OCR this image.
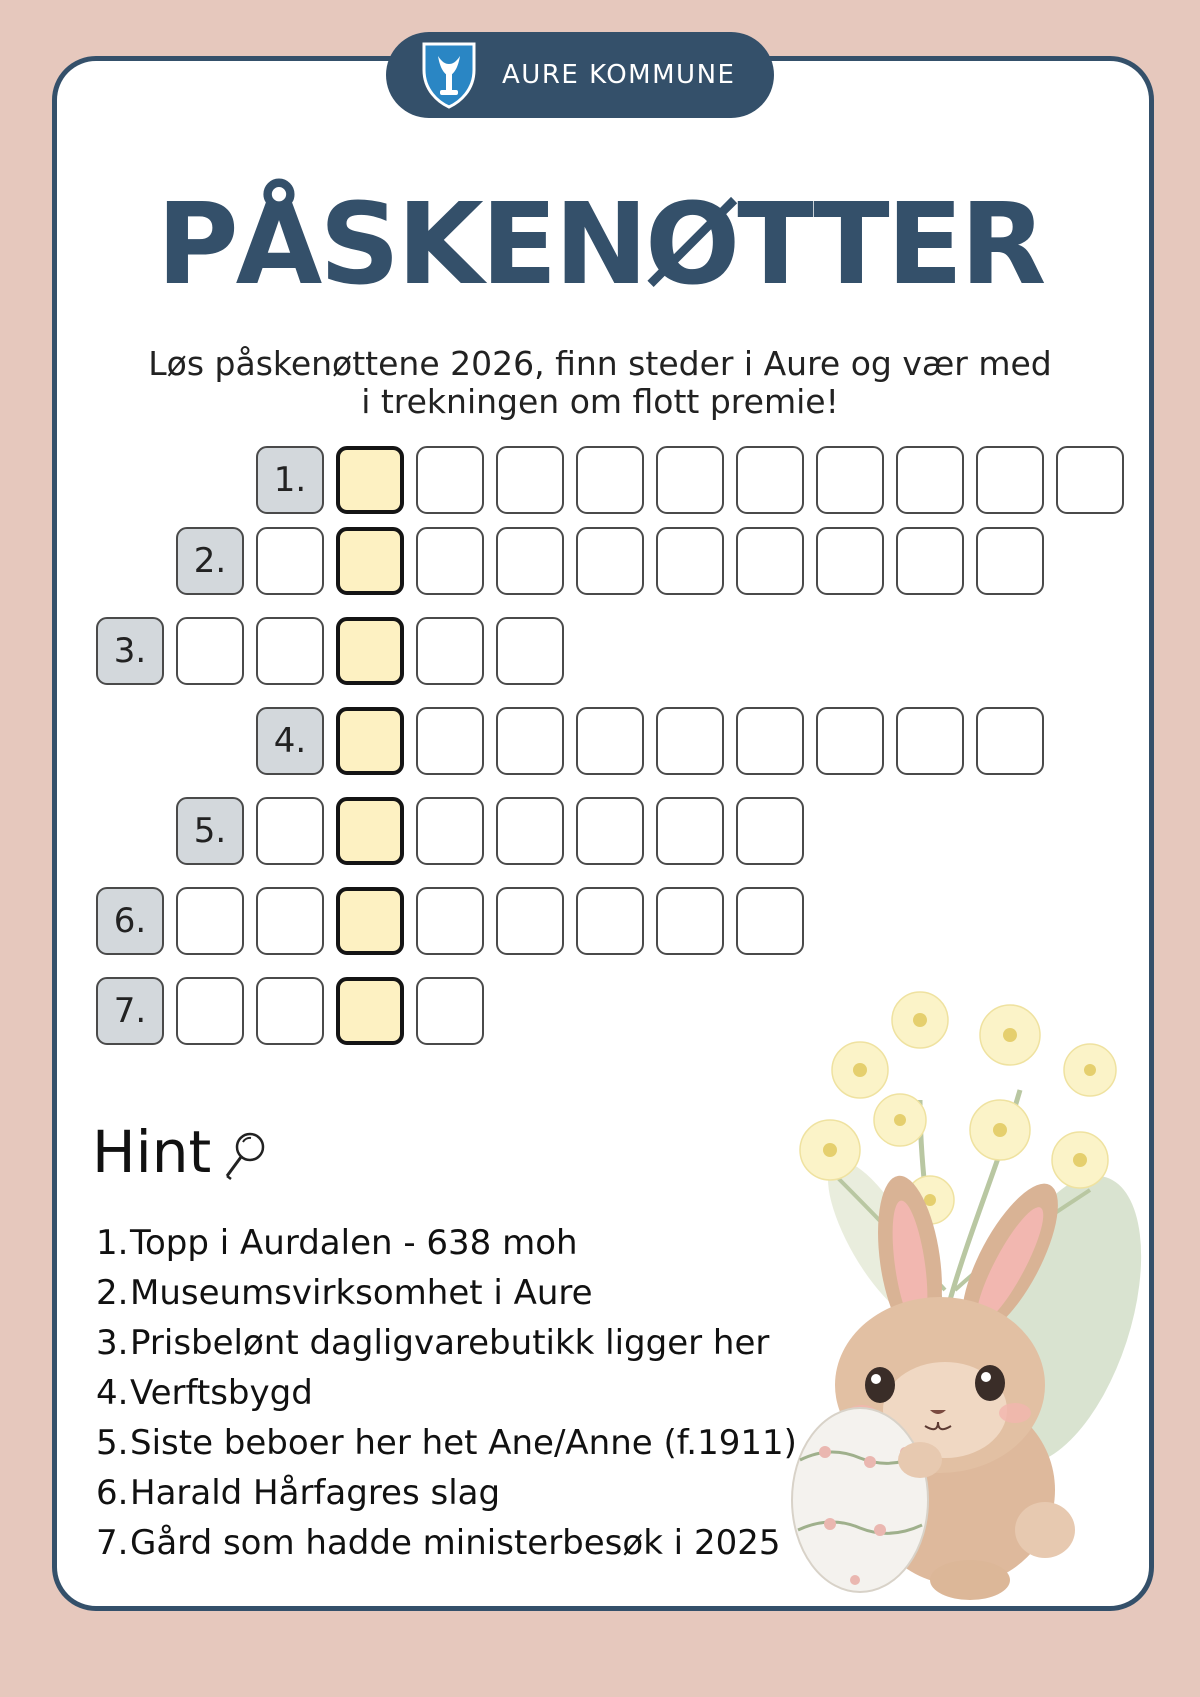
AURE KOMMUNE
PÅSKENØTTER
Løs påskenøttene 2026, finn steder i Aure og vær med
i trekningen om flott premie!
1.
2.
3.
4.
5.
6.
7.
Hint
1.Topp i Aurdalen - 638 moh
2.Museumsvirksomhet i Aure
3.Prisbelønt dagligvarebutikk ligger her
4.Verftsbygd
5.Siste beboer her het Ane/Anne (f.1911)
6.Harald Hårfagres slag
7.Gård som hadde ministerbesøk i 2025
